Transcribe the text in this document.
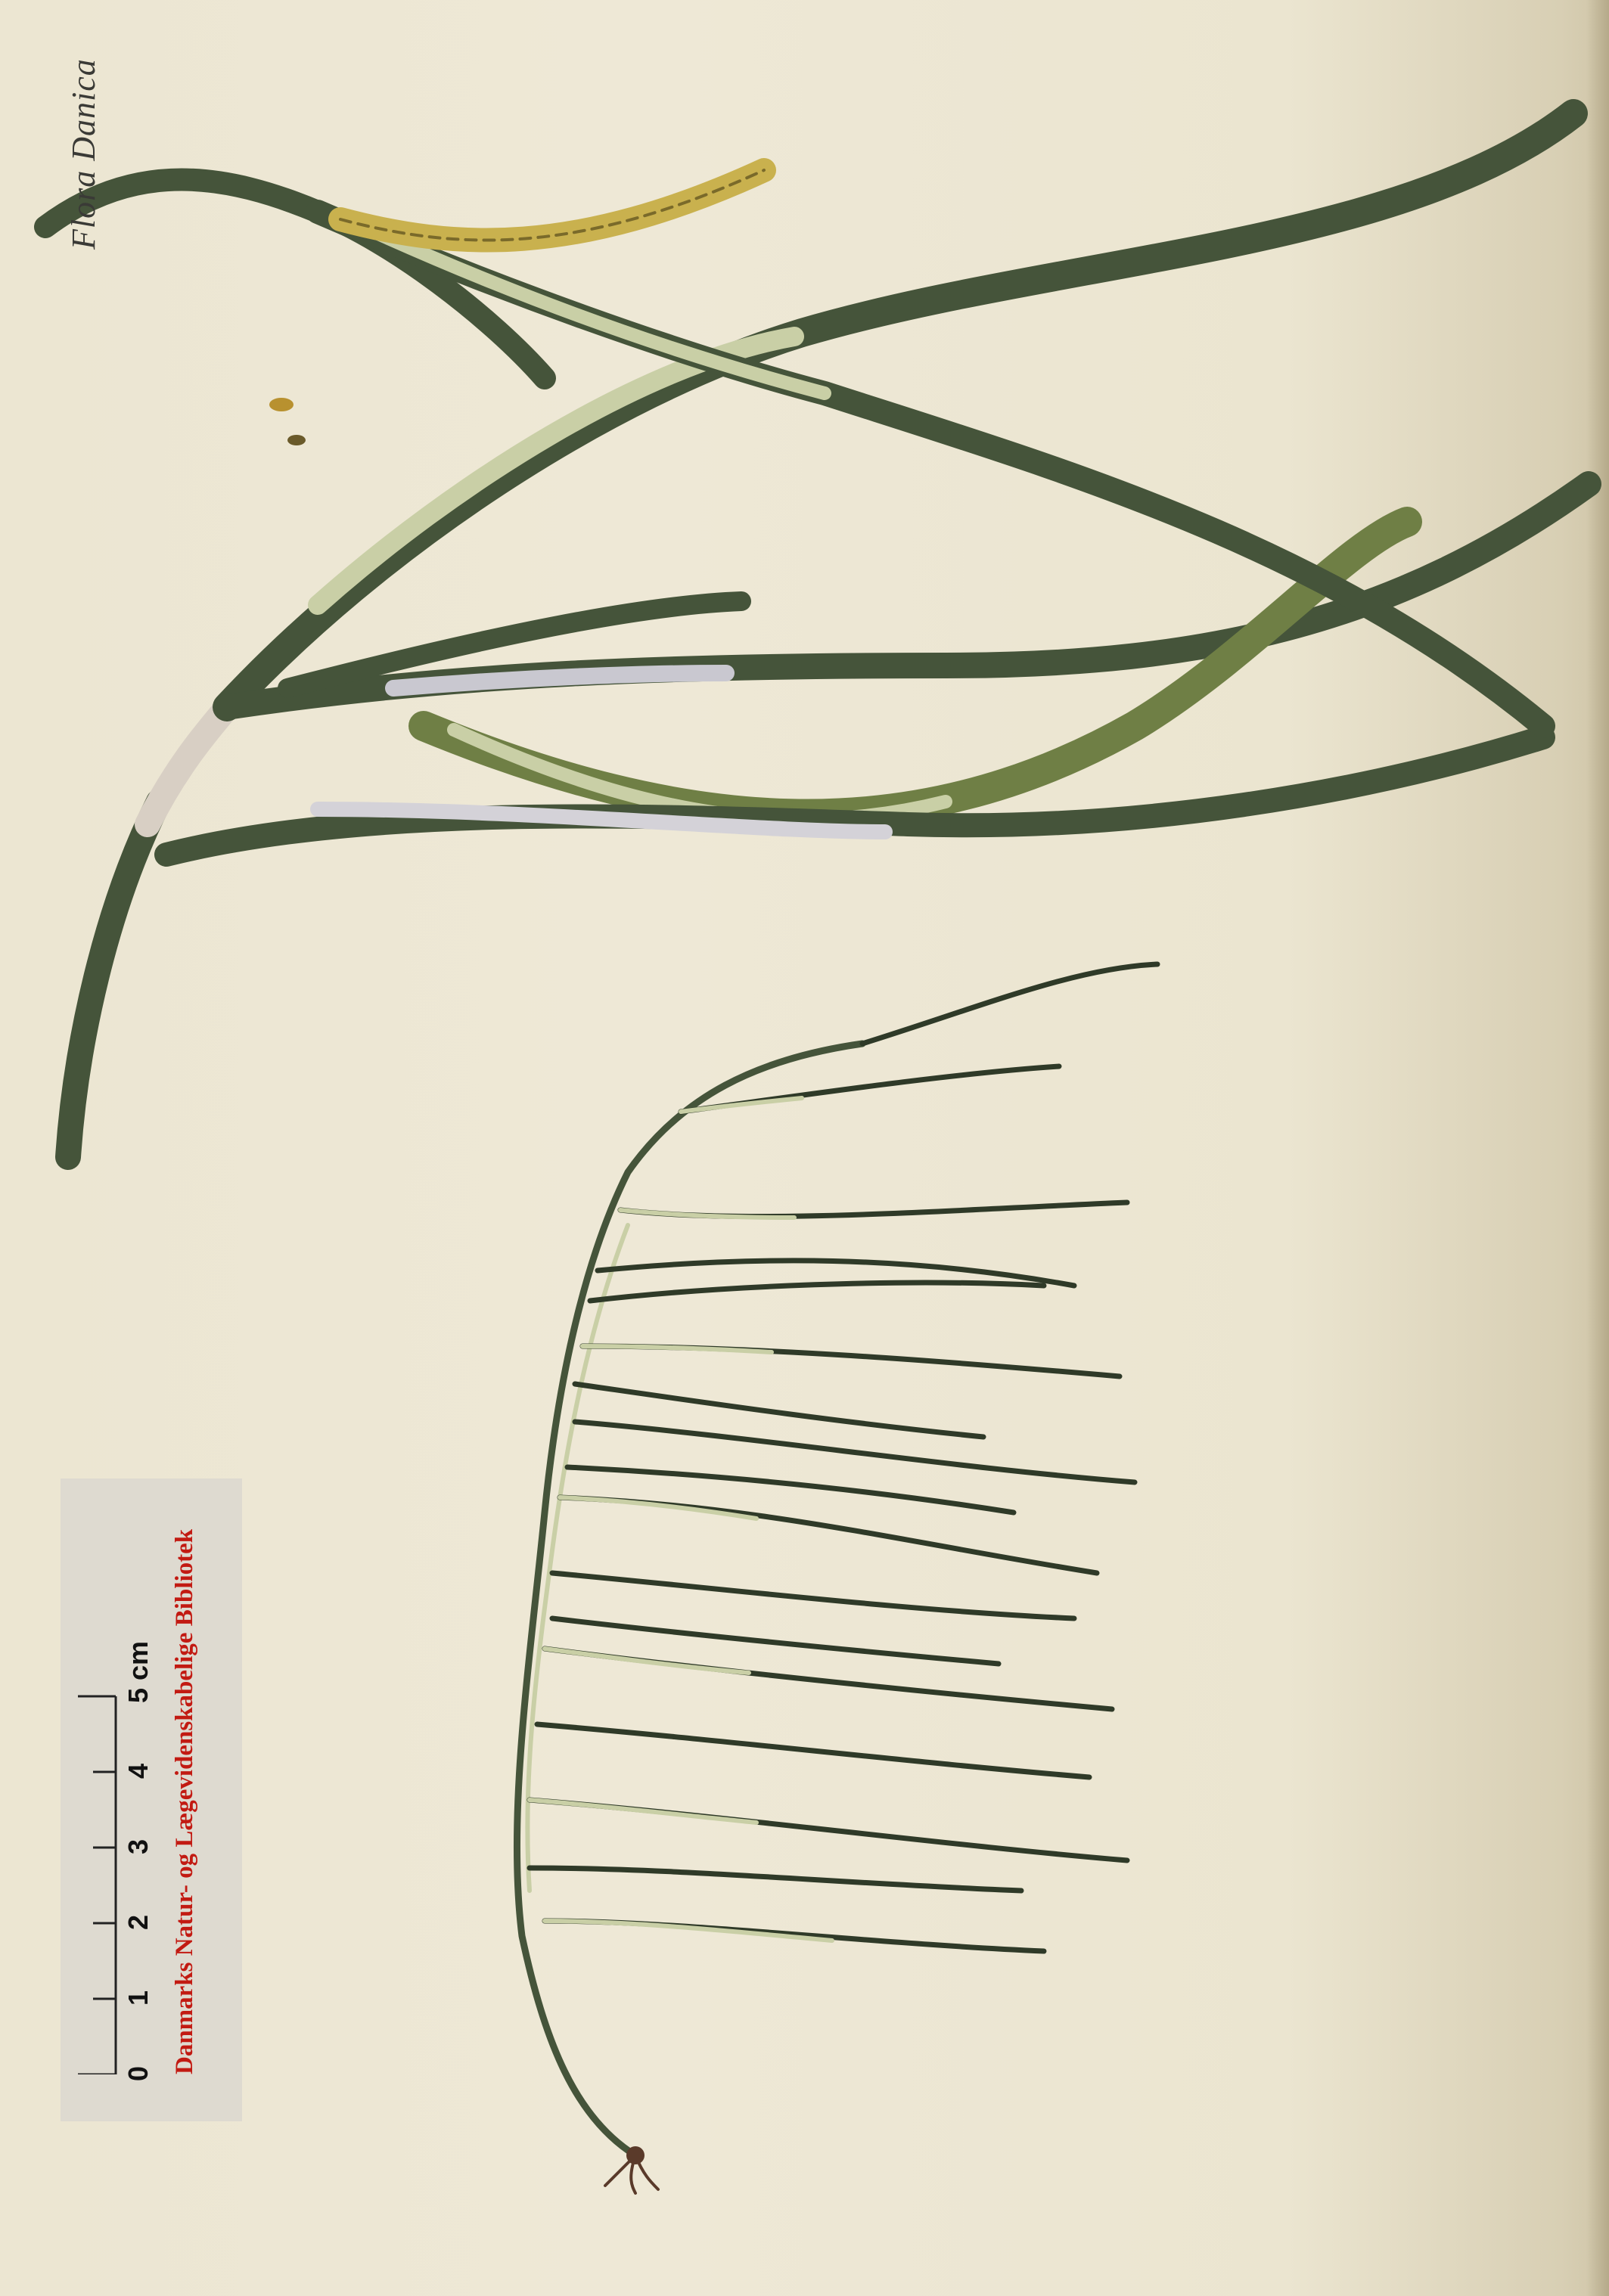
Flora Danica
0
1
2
3
4
5 cm Danmarks Natur- og Lægevidenskabelige Bibliotek
